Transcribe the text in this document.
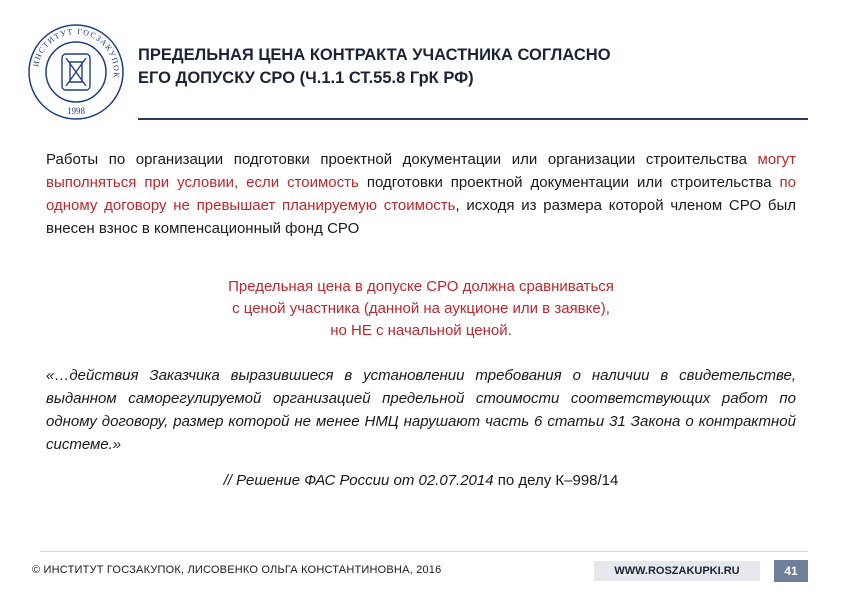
ИНСТИТУТ ГОСЗАКУПОК
1998
ПРЕДЕЛЬНАЯ ЦЕНА КОНТРАКТА УЧАСТНИКА СОГЛАСНО
ЕГО ДОПУСКУ СРО (Ч.1.1 СТ.55.8 ГрК РФ)
Работы по организации подготовки проектной документации или организации строительства могут выполняться при условии, если стоимость подготовки проектной документации или строительства по одному договору не превышает планируемую стоимость, исходя из размера которой членом СРО был внесен взнос в компенсационный фонд СРО
Предельная цена в допуске СРО должна сравниваться
с ценой участника (данной на аукционе или в заявке),
но НЕ с начальной ценой.
«…действия Заказчика выразившиеся в установлении требования о наличии в свидетельстве, выданном саморегулируемой организацией предельной стоимости соответствующих работ по одному договору, размер которой не менее НМЦ нарушают часть 6 статьи 31 Закона о контрактной системе.»
// Решение ФАС России от 02.07.2014 по делу К–998/14
© ИНСТИТУТ ГОСЗАКУПОК, ЛИСОВЕНКО ОЛЬГА КОНСТАНТИНОВНА, 2016	WWW.ROSZAKUPKI.RU	41
